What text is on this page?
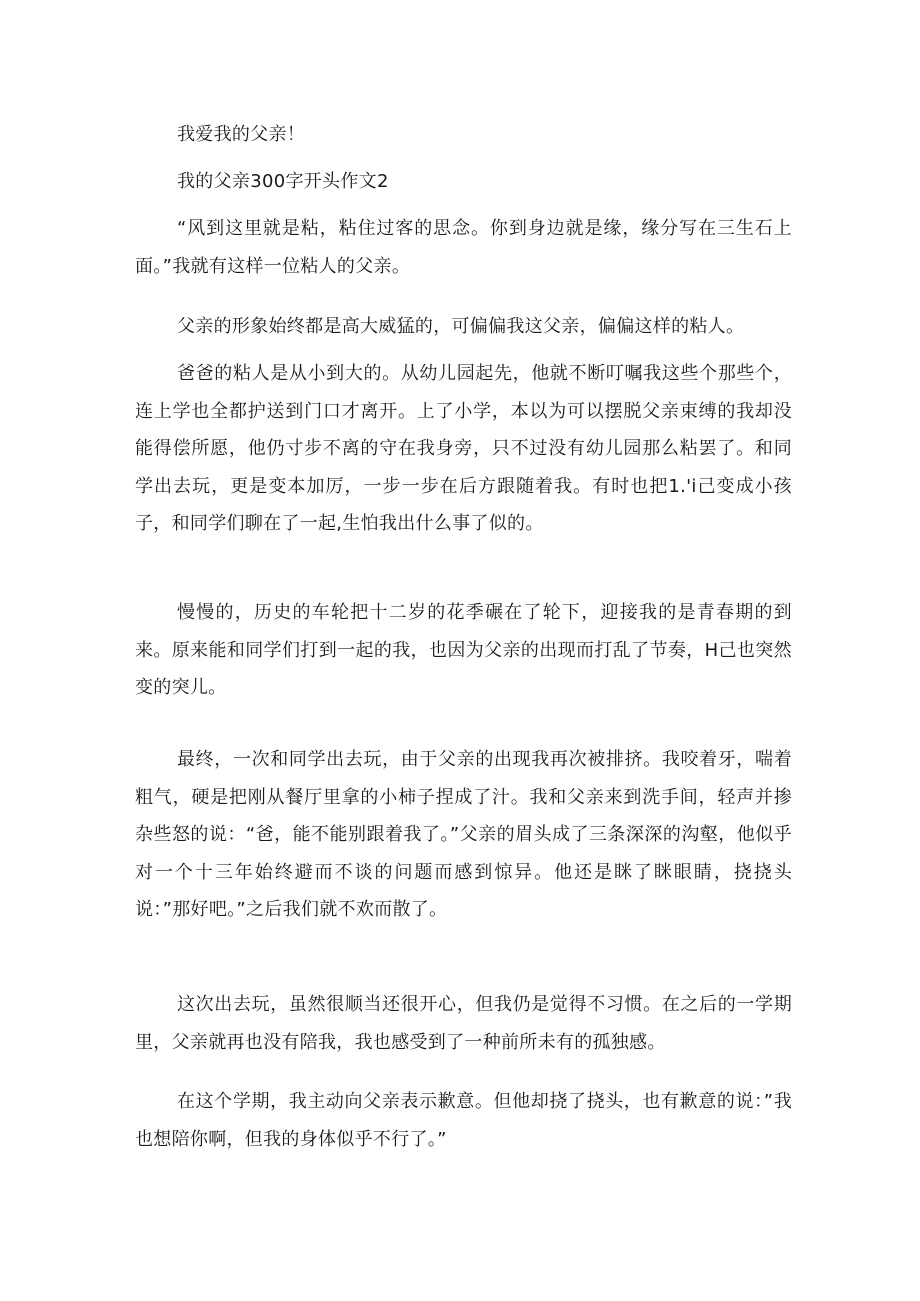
我爱我的父亲！
我的父亲300字开头作文2
“风到这里就是粘，粘住过客的思念。你到身边就是缘，缘分写在三生石上面。”我就有这样一位粘人的父亲。
父亲的形象始终都是高大威猛的，可偏偏我这父亲，偏偏这样的粘人。
爸爸的粘人是从小到大的。从幼儿园起先，他就不断叮嘱我这些个那些个，连上学也全都护送到门口才离开。上了小学，本以为可以摆脱父亲束缚的我却没能得偿所愿，他仍寸步不离的守在我身旁，只不过没有幼儿园那么粘罢了。和同学出去玩，更是变本加厉，一步一步在后方跟随着我。有时也把1.'i己变成小孩子，和同学们聊在了一起,生怕我出什么事了似的。
慢慢的，历史的车轮把十二岁的花季碾在了轮下，迎接我的是青春期的到来。原来能和同学们打到一起的我，也因为父亲的出现而打乱了节奏，H己也突然变的突儿。
最终，一次和同学出去玩，由于父亲的出现我再次被排挤。我咬着牙，喘着粗气，硬是把刚从餐厅里拿的小柿子捏成了汁。我和父亲来到洗手间，轻声并掺杂些怒的说：“爸，能不能别跟着我了。”父亲的眉头成了三条深深的沟壑，他似乎对一个十三年始终避而不谈的问题而感到惊异。他还是眯了眯眼睛，挠挠头说：”那好吧。”之后我们就不欢而散了。
这次出去玩，虽然很顺当还很开心，但我仍是觉得不习惯。在之后的一学期里，父亲就再也没有陪我，我也感受到了一种前所未有的孤独感。
在这个学期，我主动向父亲表示歉意。但他却挠了挠头，也有歉意的说：”我也想陪你啊，但我的身体似乎不行了。”
